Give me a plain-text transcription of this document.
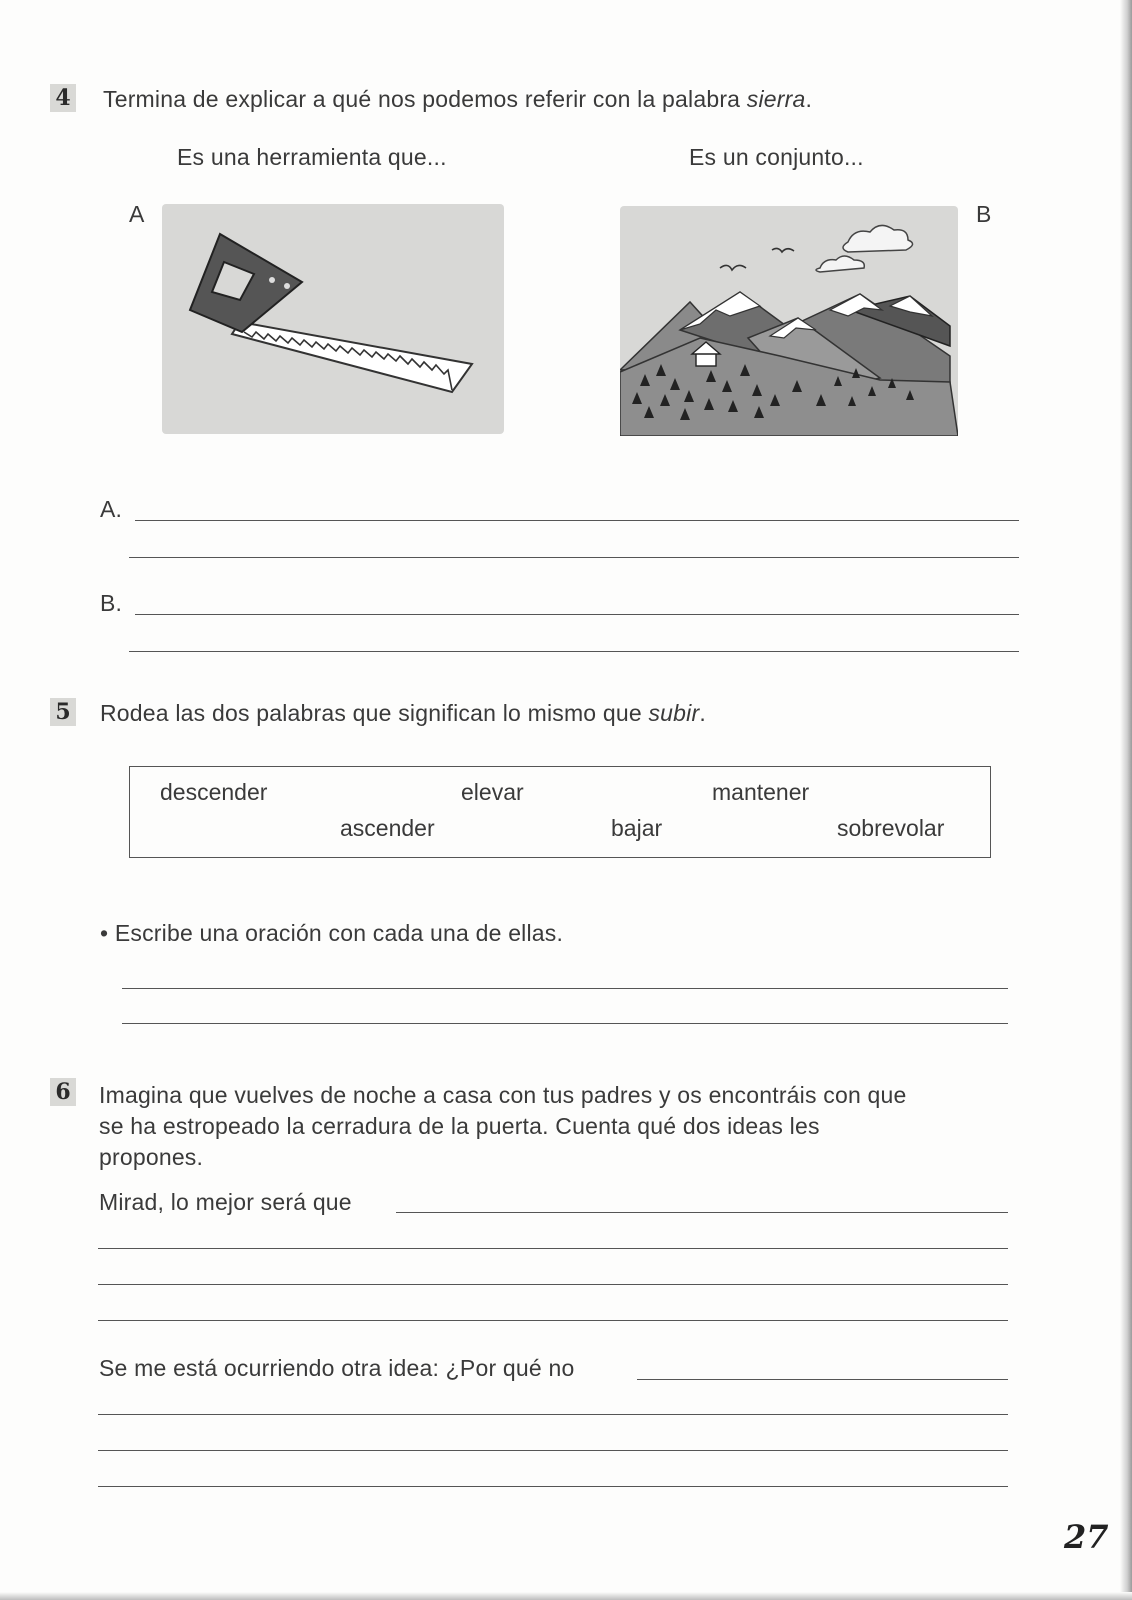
4 Termina de explicar a qué nos podemos referir con la palabra sierra.
Es una herramienta que...	Es un conjunto...
A	B
A.
B.
5 Rodea las dos palabras que significan lo mismo que subir.
descender	elevar	mantener
ascender	bajar	sobrevolar
• Escribe una oración con cada una de ellas.
6 Imagina que vuelves de noche a casa con tus padres y os encontráis con que
se ha estropeado la cerradura de la puerta. Cuenta qué dos ideas les
propones.
Mirad, lo mejor será que
Se me está ocurriendo otra idea: ¿Por qué no
27
